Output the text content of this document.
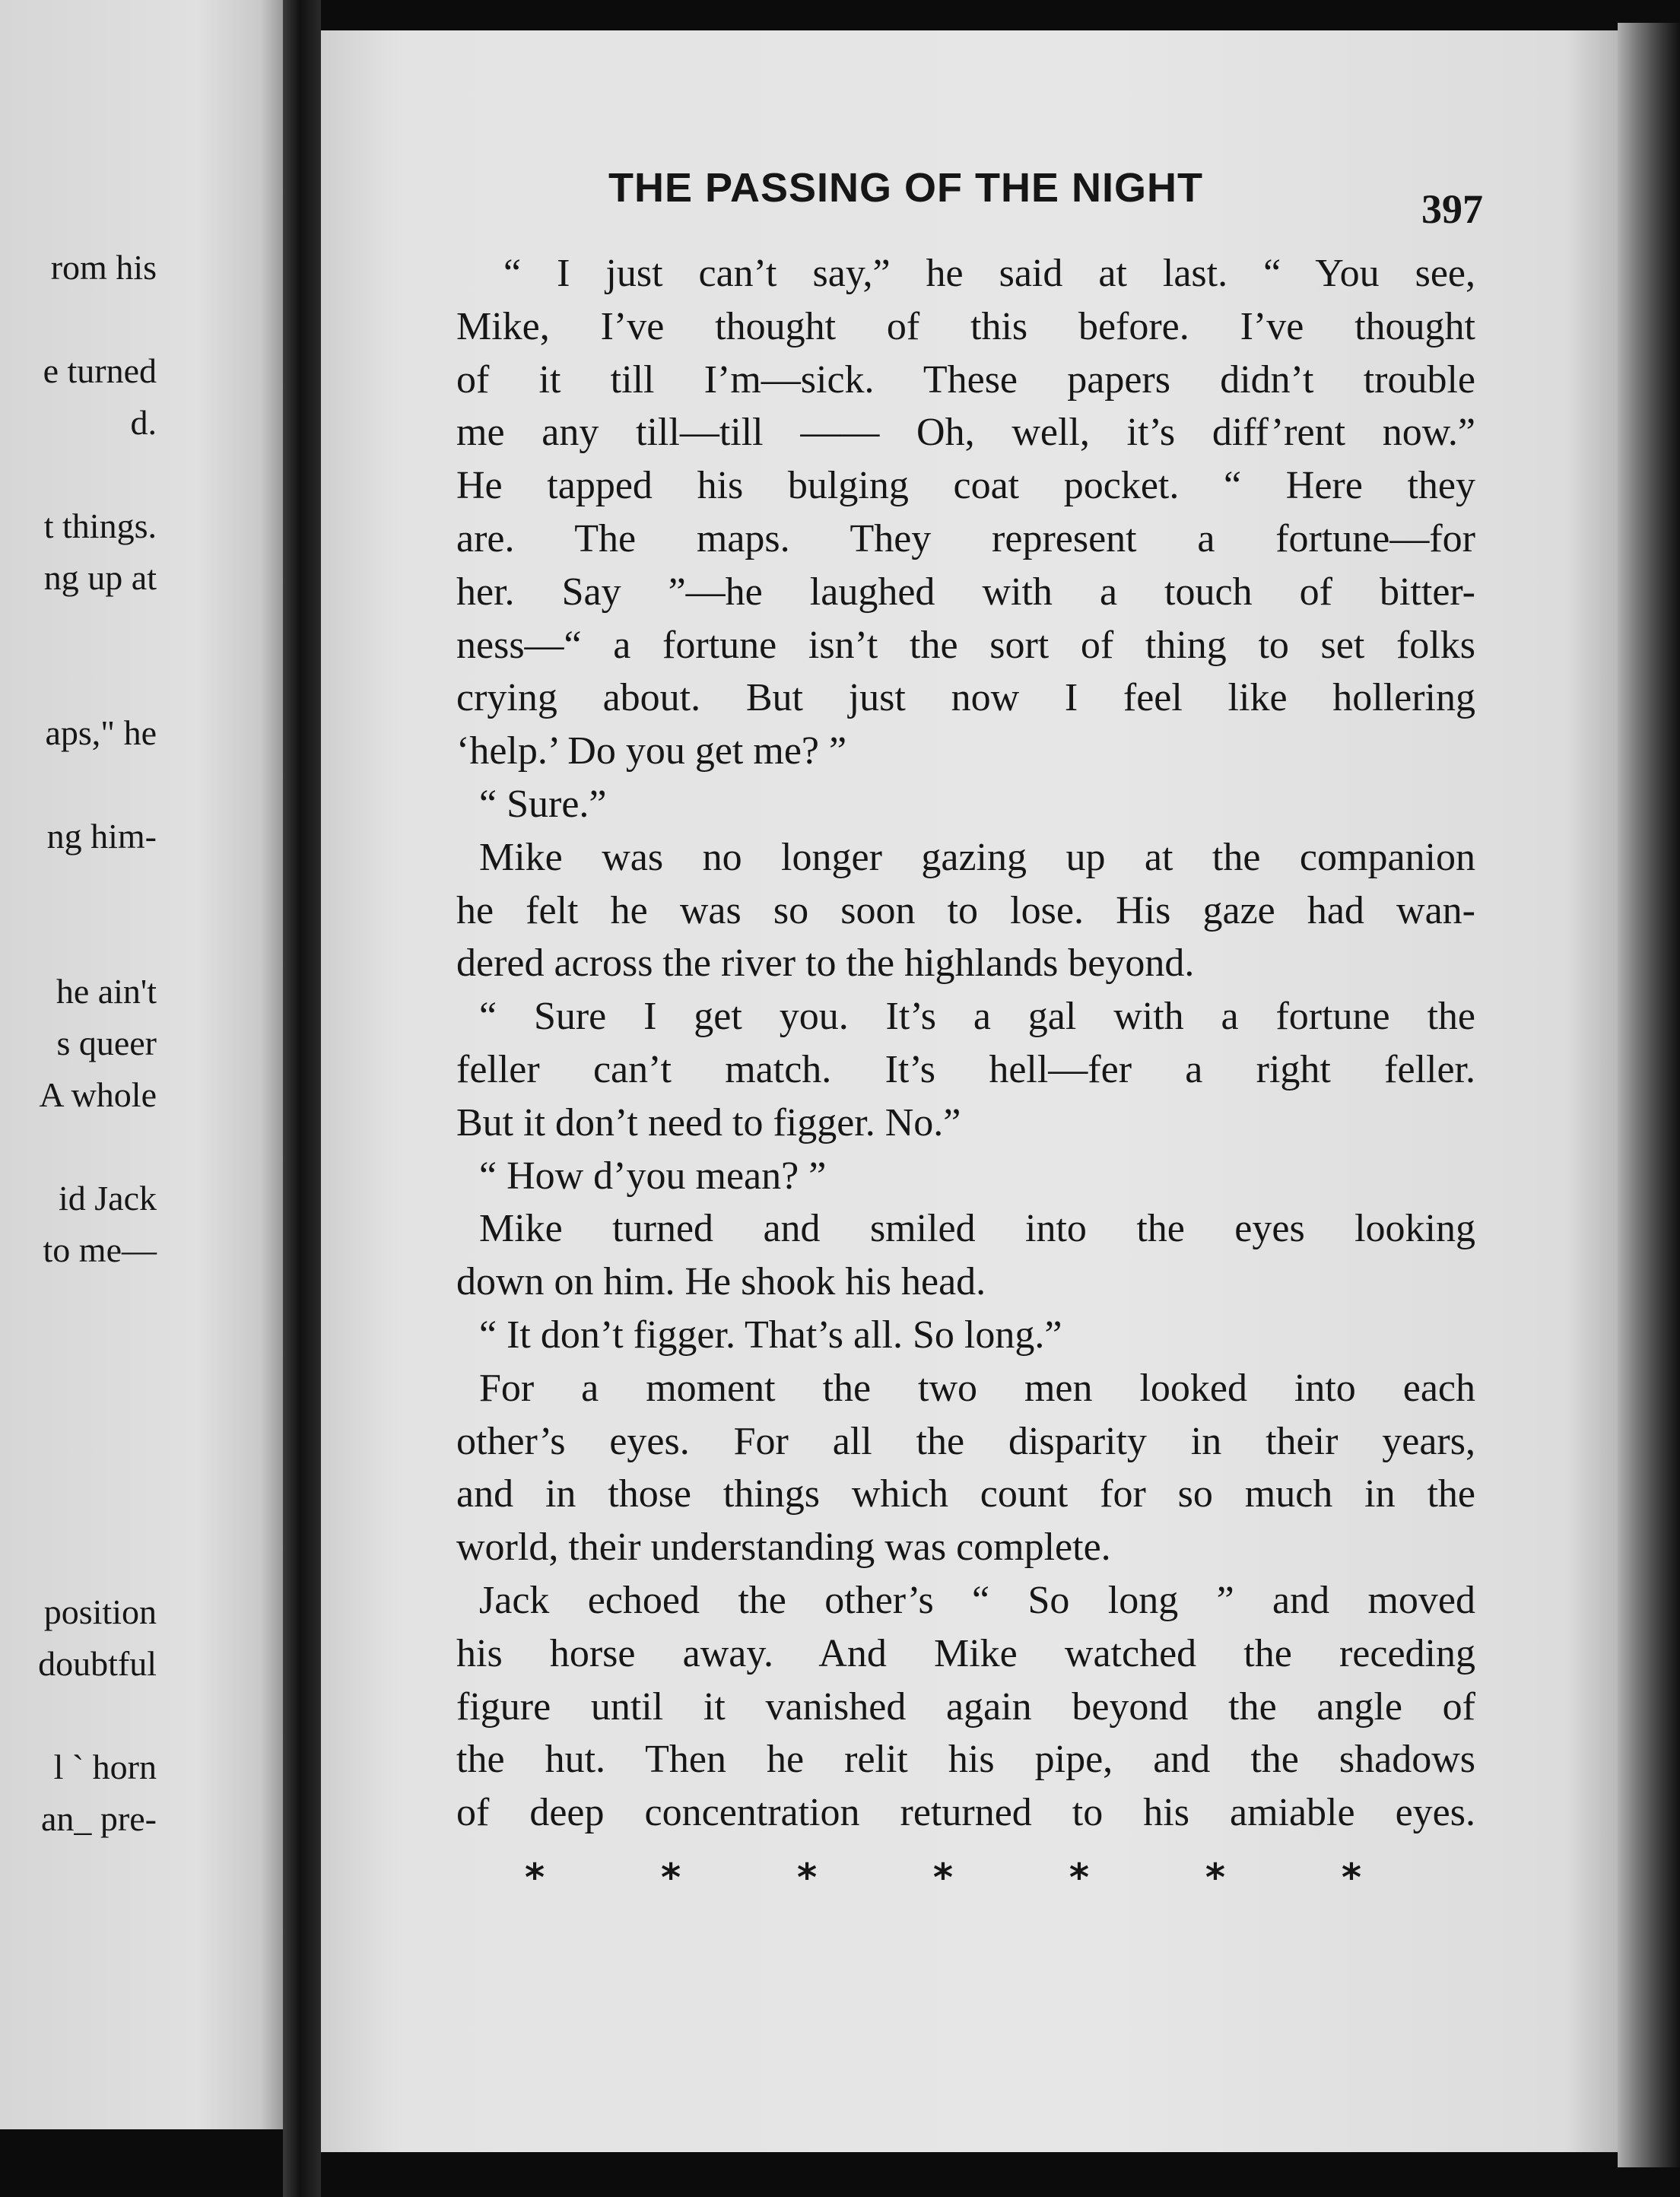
rom his
e turned
d.
t things.
ng up at
aps," he
ng him-
he ain't
s queer
A whole
id Jack
to me—
position
doubtful
l ` horn
an_ pre-
THE PASSING OF THE NIGHT	397
“ I just can’t say,” he said at last. “ You see,
Mike, I’ve thought of this before. I’ve thought
of it till I’m—sick. These papers didn’t trouble
me any till—till —— Oh, well, it’s diff’rent now.”
He tapped his bulging coat pocket. “ Here they
are. The maps. They represent a fortune—for
her. Say ”—he laughed with a touch of bitter-
ness—“ a fortune isn’t the sort of thing to set folks
crying about. But just now I feel like hollering
‘help.’ Do you get me? ”
“ Sure.”
Mike was no longer gazing up at the companion
he felt he was so soon to lose. His gaze had wan-
dered across the river to the highlands beyond.
“ Sure I get you. It’s a gal with a fortune the
feller can’t match. It’s hell—fer a right feller.
But it don’t need to figger. No.”
“ How d’you mean? ”
Mike turned and smiled into the eyes looking
down on him. He shook his head.
“ It don’t figger. That’s all. So long.”
For a moment the two men looked into each
other’s eyes. For all the disparity in their years,
and in those things which count for so much in the
world, their understanding was complete.
Jack echoed the other’s “ So long ” and moved
his horse away. And Mike watched the receding
figure until it vanished again beyond the angle of
the hut. Then he relit his pipe, and the shadows
of deep concentration returned to his amiable eyes.
*	*	*	*	*	*	*
